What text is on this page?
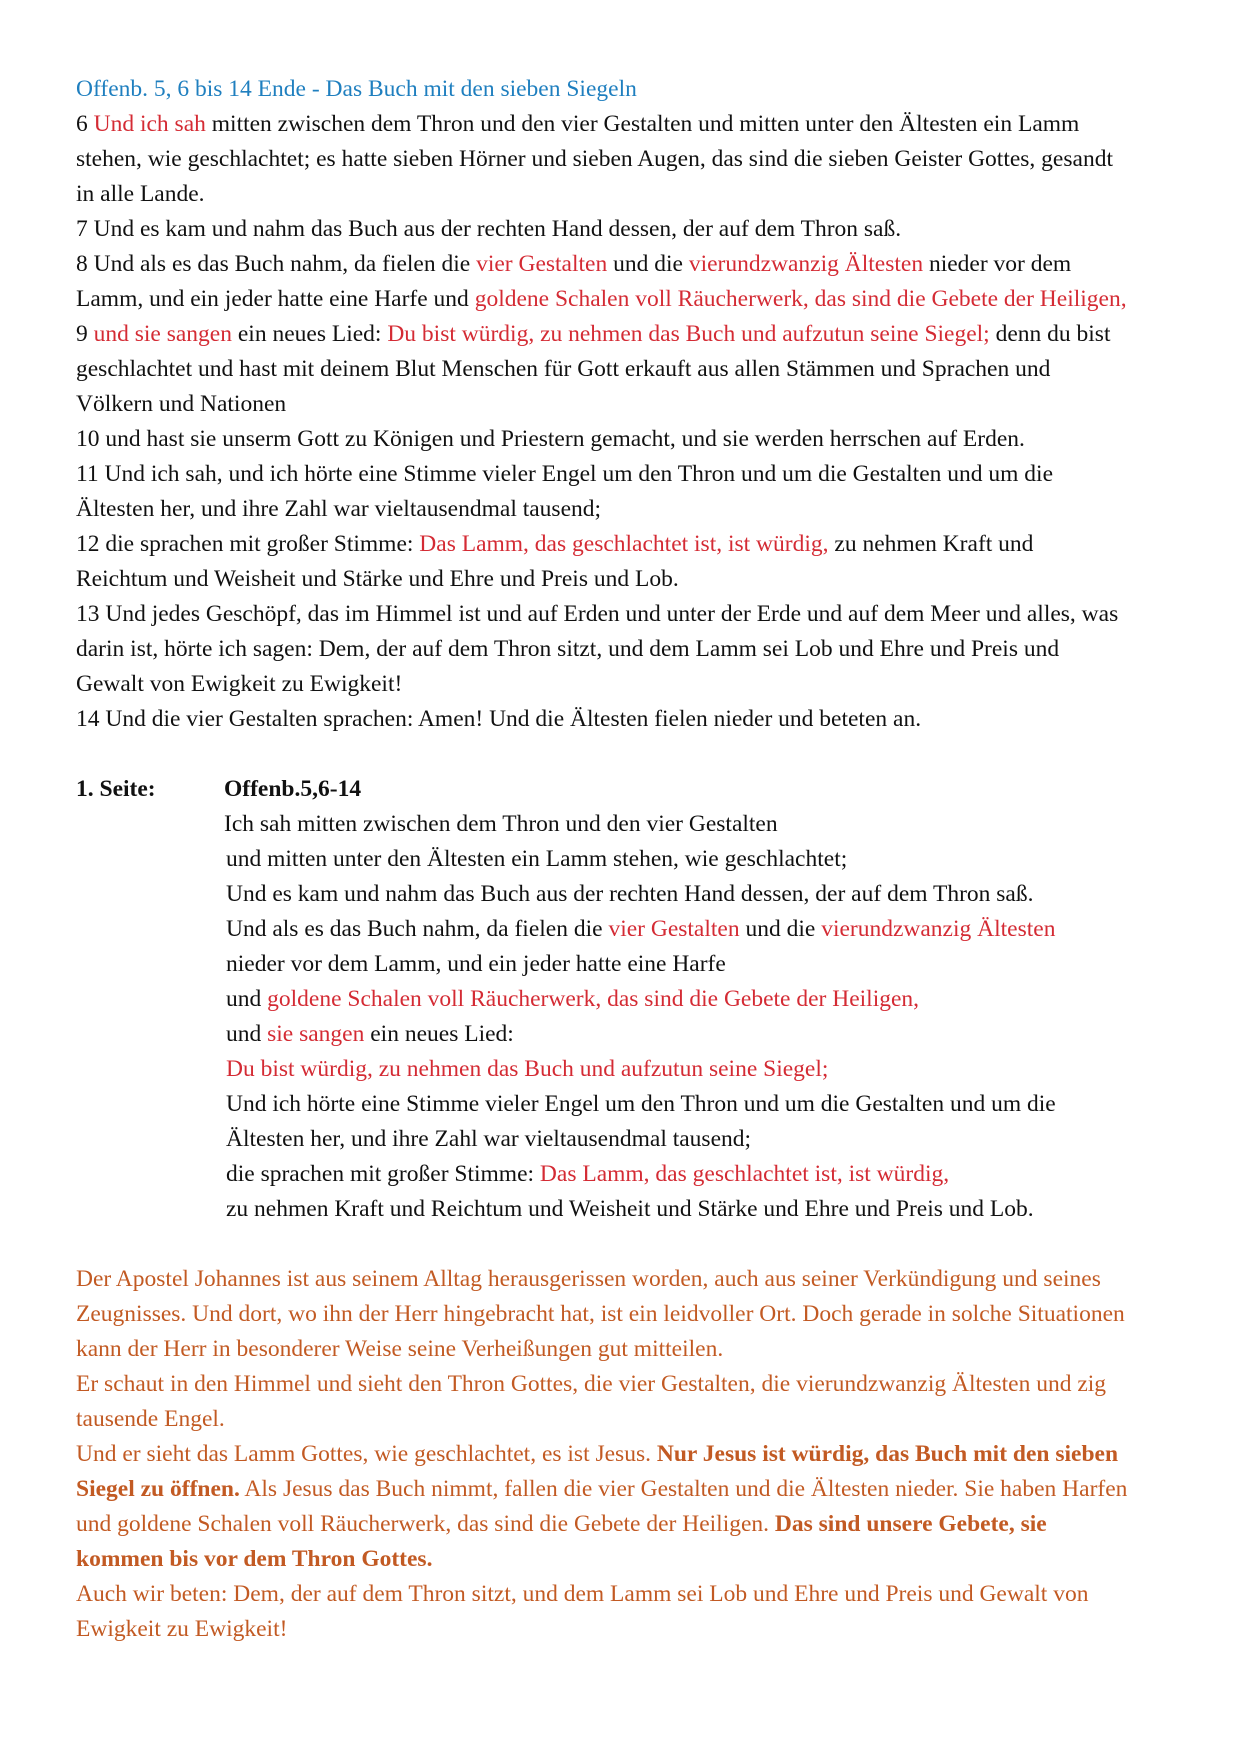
Offenb. 5, 6 bis 14 Ende - Das Buch mit den sieben Siegeln

6 Und ich sah mitten zwischen dem Thron und den vier Gestalten und mitten unter den Ältesten ein Lamm stehen, wie geschlachtet; es hatte sieben Hörner und sieben Augen, das sind die sieben Geister Gottes, gesandt in alle Lande.

7 Und es kam und nahm das Buch aus der rechten Hand dessen, der auf dem Thron saß.

8 Und als es das Buch nahm, da fielen die vier Gestalten und die vierundzwanzig Ältesten nieder vor dem Lamm, und ein jeder hatte eine Harfe und goldene Schalen voll Räucherwerk, das sind die Gebete der Heiligen,

9 und sie sangen ein neues Lied: Du bist würdig, zu nehmen das Buch und aufzutun seine Siegel; denn du bist geschlachtet und hast mit deinem Blut Menschen für Gott erkauft aus allen Stämmen und Sprachen und Völkern und Nationen

10 und hast sie unserm Gott zu Königen und Priestern gemacht, und sie werden herrschen auf Erden.

11 Und ich sah, und ich hörte eine Stimme vieler Engel um den Thron und um die Gestalten und um die Ältesten her, und ihre Zahl war vieltausendmal tausend;

12 die sprachen mit großer Stimme: Das Lamm, das geschlachtet ist, ist würdig, zu nehmen Kraft und Reichtum und Weisheit und Stärke und Ehre und Preis und Lob.

13 Und jedes Geschöpf, das im Himmel ist und auf Erden und unter der Erde und auf dem Meer und alles, was darin ist, hörte ich sagen: Dem, der auf dem Thron sitzt, und dem Lamm sei Lob und Ehre und Preis und Gewalt von Ewigkeit zu Ewigkeit!

14 Und die vier Gestalten sprachen: Amen! Und die Ältesten fielen nieder und beteten an.

1. Seite:	Offenb.5,6-14

Ich sah mitten zwischen dem Thron und den vier Gestalten

und mitten unter den Ältesten ein Lamm stehen, wie geschlachtet;

Und es kam und nahm das Buch aus der rechten Hand dessen, der auf dem Thron saß.

Und als es das Buch nahm, da fielen die vier Gestalten und die vierundzwanzig Ältesten

nieder vor dem Lamm, und ein jeder hatte eine Harfe

und goldene Schalen voll Räucherwerk, das sind die Gebete der Heiligen,

und sie sangen ein neues Lied:

Du bist würdig, zu nehmen das Buch und aufzutun seine Siegel;

Und ich hörte eine Stimme vieler Engel um den Thron und um die Gestalten und um die

Ältesten her, und ihre Zahl war vieltausendmal tausend;

die sprachen mit großer Stimme: Das Lamm, das geschlachtet ist, ist würdig,

zu nehmen Kraft und Reichtum und Weisheit und Stärke und Ehre und Preis und Lob.

Der Apostel Johannes ist aus seinem Alltag herausgerissen worden, auch aus seiner Verkündigung und seines Zeugnisses. Und dort, wo ihn der Herr hingebracht hat, ist ein leidvoller Ort. Doch gerade in solche Situationen kann der Herr in besonderer Weise seine Verheißungen gut mitteilen.

Er schaut in den Himmel und sieht den Thron Gottes, die vier Gestalten, die vierundzwanzig Ältesten und zig tausende Engel.

Und er sieht das Lamm Gottes, wie geschlachtet, es ist Jesus. Nur Jesus ist würdig, das Buch mit den sieben Siegel zu öffnen. Als Jesus das Buch nimmt, fallen die vier Gestalten und die Ältesten nieder. Sie haben Harfen und goldene Schalen voll Räucherwerk, das sind die Gebete der Heiligen. Das sind unsere Gebete, sie kommen bis vor dem Thron Gottes.

Auch wir beten: Dem, der auf dem Thron sitzt, und dem Lamm sei Lob und Ehre und Preis und Gewalt von Ewigkeit zu Ewigkeit!
